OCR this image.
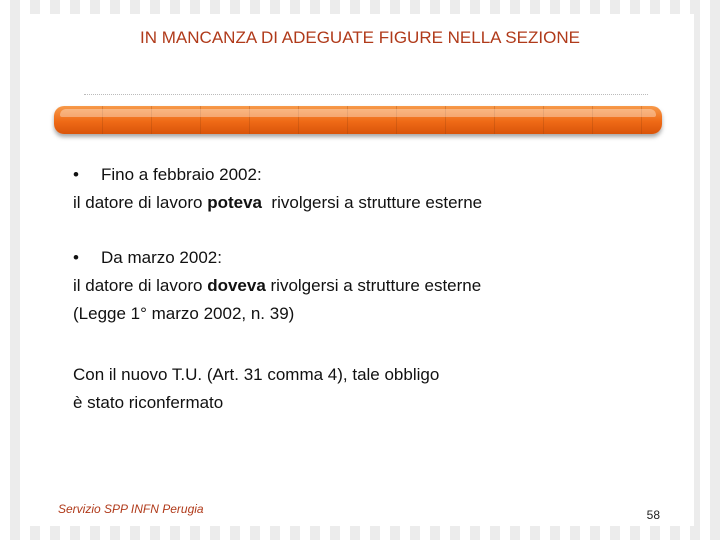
IN MANCANZA DI ADEGUATE FIGURE NELLA SEZIONE
• Fino a febbraio 2002:
il datore di lavoro poteva  rivolgersi a strutture esterne
• Da marzo 2002:
il datore di lavoro doveva rivolgersi a strutture esterne
(Legge 1° marzo 2002, n. 39)
Con il nuovo T.U. (Art. 31 comma 4), tale obbligo
è stato riconfermato
Servizio SPP INFN Perugia	58
